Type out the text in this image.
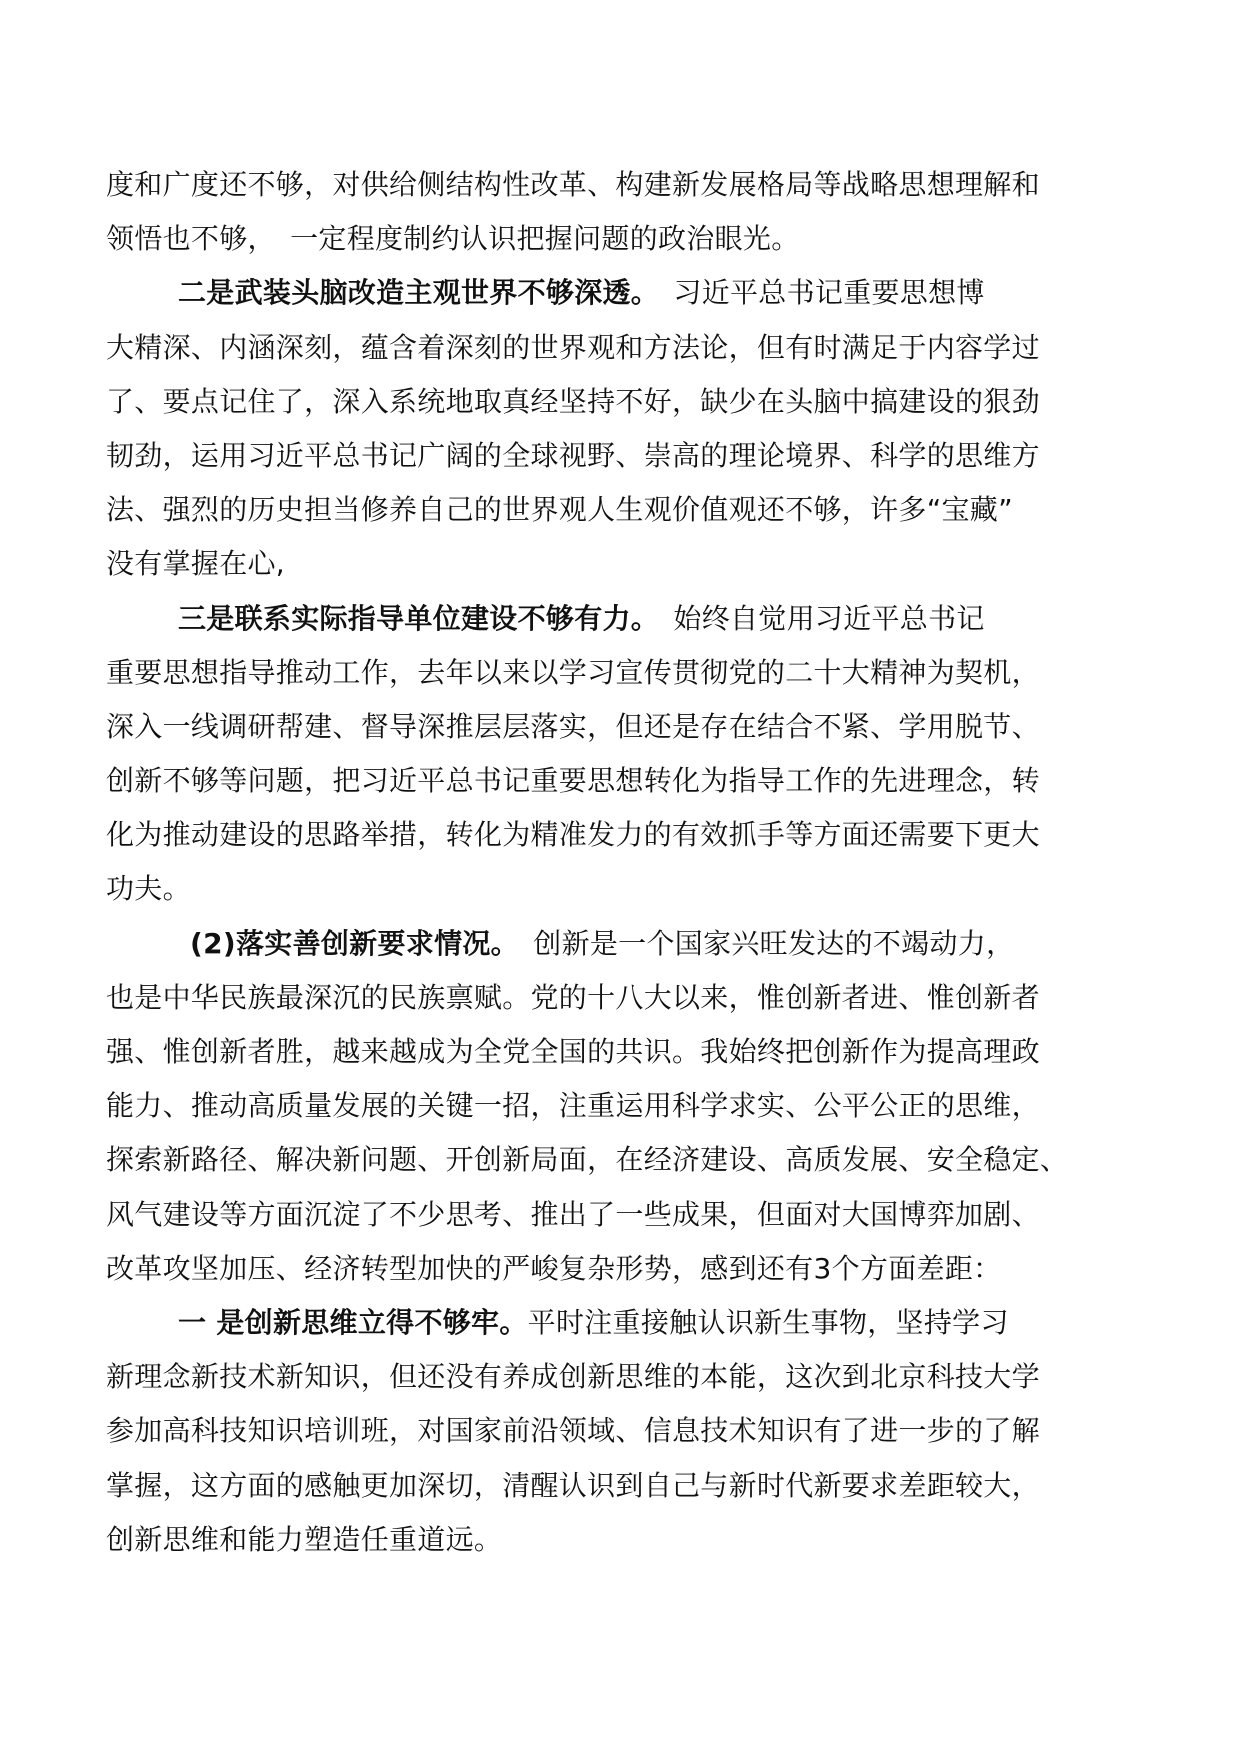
度和广度还不够，对供给侧结构性改革、构建新发展格局等战略思想理解和
领悟也不够，　一定程度制约认识把握问题的政治眼光。
二是武装头脑改造主观世界不够深透。　习近平总书记重要思想博
大精深、内涵深刻，蕴含着深刻的世界观和方法论，但有时满足于内容学过
了、要点记住了，深入系统地取真经坚持不好，缺少在头脑中搞建设的狠劲
韧劲，运用习近平总书记广阔的全球视野、崇高的理论境界、科学的思维方
法、强烈的历史担当修养自己的世界观人生观价值观还不够，许多“宝藏”
没有掌握在心,
三是联系实际指导单位建设不够有力。　始终自觉用习近平总书记
重要思想指导推动工作，去年以来以学习宣传贯彻党的二十大精神为契机，
深入一线调研帮建、督导深推层层落实，但还是存在结合不紧、学用脱节、
创新不够等问题，把习近平总书记重要思想转化为指导工作的先进理念，转
化为推动建设的思路举措，转化为精准发力的有效抓手等方面还需要下更大
功夫。
(2)落实善创新要求情况。　创新是一个国家兴旺发达的不竭动力，
也是中华民族最深沉的民族禀赋。党的十八大以来，惟创新者进、惟创新者
强、惟创新者胜，越来越成为全党全国的共识。我始终把创新作为提高理政
能力、推动高质量发展的关键一招，注重运用科学求实、公平公正的思维，
探索新路径、解决新问题、开创新局面，在经济建设、高质发展、安全稳定、
风气建设等方面沉淀了不少思考、推出了一些成果，但面对大国博弈加剧、
改革攻坚加压、经济转型加快的严峻复杂形势，感到还有3个方面差距：
一 是创新思维立得不够牢。平时注重接触认识新生事物，坚持学习
新理念新技术新知识，但还没有养成创新思维的本能，这次到北京科技大学
参加高科技知识培训班，对国家前沿领域、信息技术知识有了进一步的了解
掌握，这方面的感触更加深切，清醒认识到自己与新时代新要求差距较大，
创新思维和能力塑造任重道远。
